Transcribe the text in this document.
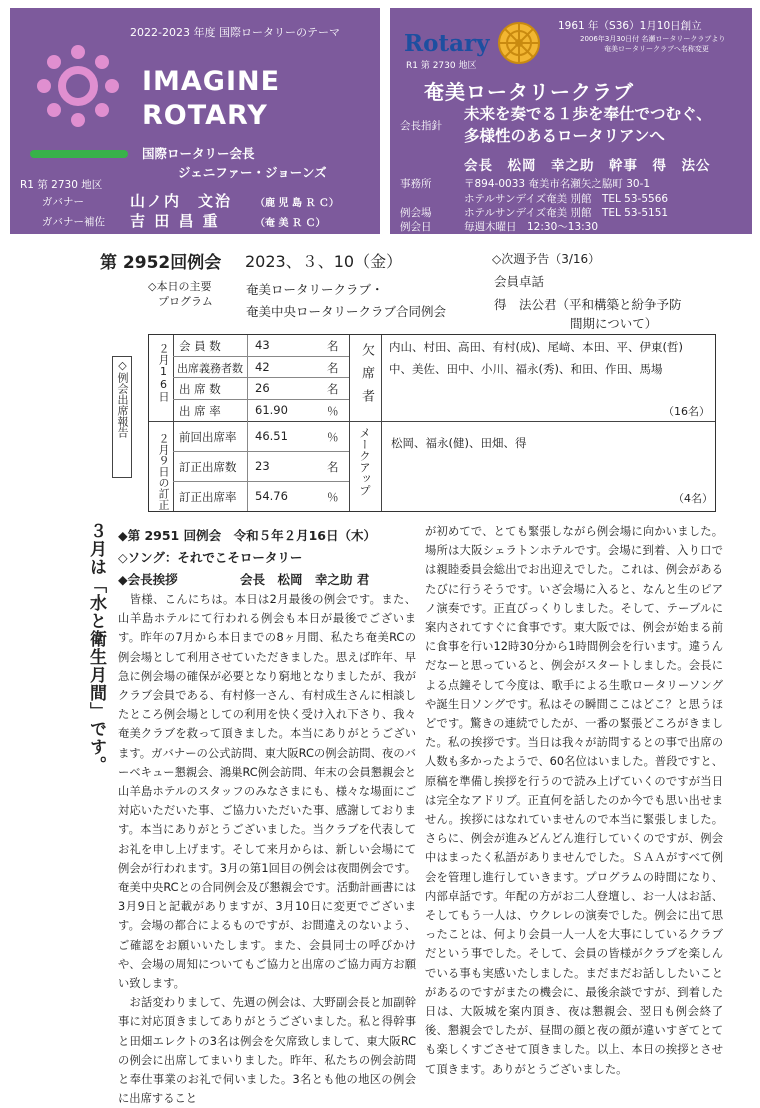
2022-2023 年度 国際ロータリーのテーマ
IMAGINE
ROTARY
国際ロータリー会長
ジェニファー・ジョーンズ
R1 第 2730 地区
ガバナー	山ノ内　文治 （鹿 児 島 Ｒ Ｃ）
ガバナー補佐 吉 田 昌 重	（奄 美 Ｒ Ｃ）
1961 年（S36）1月10日創立
2006年3月30日付 名瀬ロータリークラブより
奄美ロータリークラブへ名称変更
Rotary
R1 第 2730 地区
奄美ロータリークラブ
会長指針
未来を奏でる１歩を奉仕でつむぐ、
多様性のあるロータリアンへ
会長　松岡　幸之助　幹事　得　法公
事務所	〒894-0033 奄美市名瀬矢之脇町 30-1
ホテルサンデイズ奄美 別館　TEL 53-5566
例会場	ホテルサンデイズ奄美 別館　TEL 53-5151
例会日	毎週木曜日　12:30～13:30
第 2952回例会 2023、３、10（金）	◇次週予告（3/16）
◇本日の主要
プログラム
奄美ロータリークラブ・
奄美中央ロータリークラブ合同例会
会員卓話
得　法公君（平和構築と紛争予防
間期について）
◇例会出席報告	２月16日
２月９日の訂正
会 員 数	43	名
出席義務者数 42	名
出 席 数	26	名
出 席 率	61.90	％
前回出席率 46.51	％
訂正出席数 23	名
訂正出席率 54.76	％
欠席者 内山、村田、高田、有村(成)、尾﨑、本田、平、伊東(哲)
中、美佐、田中、小川、福永(秀)、和田、作田、馬場
（16名）
メークアップ 松岡、福永(健)、田畑、得
（4名）
３月は「水と衛生月間」です。 ◆第 2951 回例会　令和５年２月16日（木）
◇ソング：それでこそロータリー
◆会長挨拶	会長　松岡　幸之助 君

　皆様、こんにちは。本日は2月最後の例会です。また、山羊島ホテルにて行われる例会も本日が最後でございます。昨年の7月から本日までの8ヶ月間、私たち奄美RCの例会場として利用させていただきました。思えば昨年、早急に例会場の確保が必要となり窮地となりましたが、我がクラブ会員である、有村修一さん、有村成生さんに相談したところ例会場としての利用を快く受け入れ下さり、我々奄美クラブを救って頂きました。本当にありがとうございます。ガバナーの公式訪問、東大阪RCの例会訪問、夜のバーベキュー懇親会、鴻巣RC例会訪問、年末の会員懇親会と山羊島ホテルのスタッフのみなさまにも、様々な場面にご対応いただいた事、ご協力いただいた事、感謝しております。本当にありがとうございました。当クラブを代表してお礼を申し上げます。そして来月からは、新しい会場にて例会が行われます。3月の第1回目の例会は夜間例会です。奄美中央RCとの合同例会及び懇親会です。活動計画書には3月9日と記載がありますが、3月10日に変更でございます。会場の都合によるものですが、お間違えのないよう、ご確認をお願いいたします。また、会員同士の呼びかけや、会場の周知についてもご協力と出席のご協力両方お願い致します。

　お話変わりまして、先週の例会は、大野副会長と加副幹事に対応頂きましてありがとうございました。私と得幹事と田畑エレクトの3名は例会を欠席致しまして、東大阪RCの例会に出席してまいりました。昨年、私たちの例会訪問と奉仕事業のお礼で伺いました。3名とも他の地区の例会に出席すること

が初めてで、とても緊張しながら例会場に向かいました。場所は大阪シェラトンホテルです。会場に到着、入り口では親睦委員会総出でお出迎えでした。これは、例会があるたびに行うそうです。いざ会場に入ると、なんと生のピアノ演奏です。正直びっくりしました。そして、テーブルに案内されてすぐに食事です。東大阪では、例会が始まる前に食事を行い12時30分から1時間例会を行います。違うんだなーと思っていると、例会がスタートしました。会長による点鐘そして今度は、歌手による生歌ロータリーソングや誕生日ソングです。私はその瞬間ここはどこ？と思うほどです。驚きの連続でしたが、一番の緊張どころがきました。私の挨拶です。当日は我々が訪問するとの事で出席の人数も多かったようで、60名位はいました。普段ですと、原稿を準備し挨拶を行うので読み上げていくのですが当日は完全なアドリブ。正直何を話したのか今でも思い出せません。挨拶にはなれていませんので本当に緊張しました。さらに、例会が進みどんどん進行していくのですが、例会中はまったく私語がありませんでした。ＳＡＡがすべて例会を管理し進行していきます。プログラムの時間になり、内部卓話です。年配の方がお二人登壇し、お一人はお話、そしてもう一人は、ウクレレの演奏でした。例会に出て思ったことは、何より会員一人一人を大事にしているクラブだという事でした。そして、会員の皆様がクラブを楽しんでいる事も実感いたしました。まだまだお話ししたいことがあるのですがまたの機会に、最後余談ですが、到着した日は、大阪城を案内頂き、夜は懇親会、翌日も例会終了後、懇親会でしたが、昼間の顔と夜の顔が違いすぎてとても楽しくすごさせて頂きました。以上、本日の挨拶とさせて頂きます。ありがとうございました。
